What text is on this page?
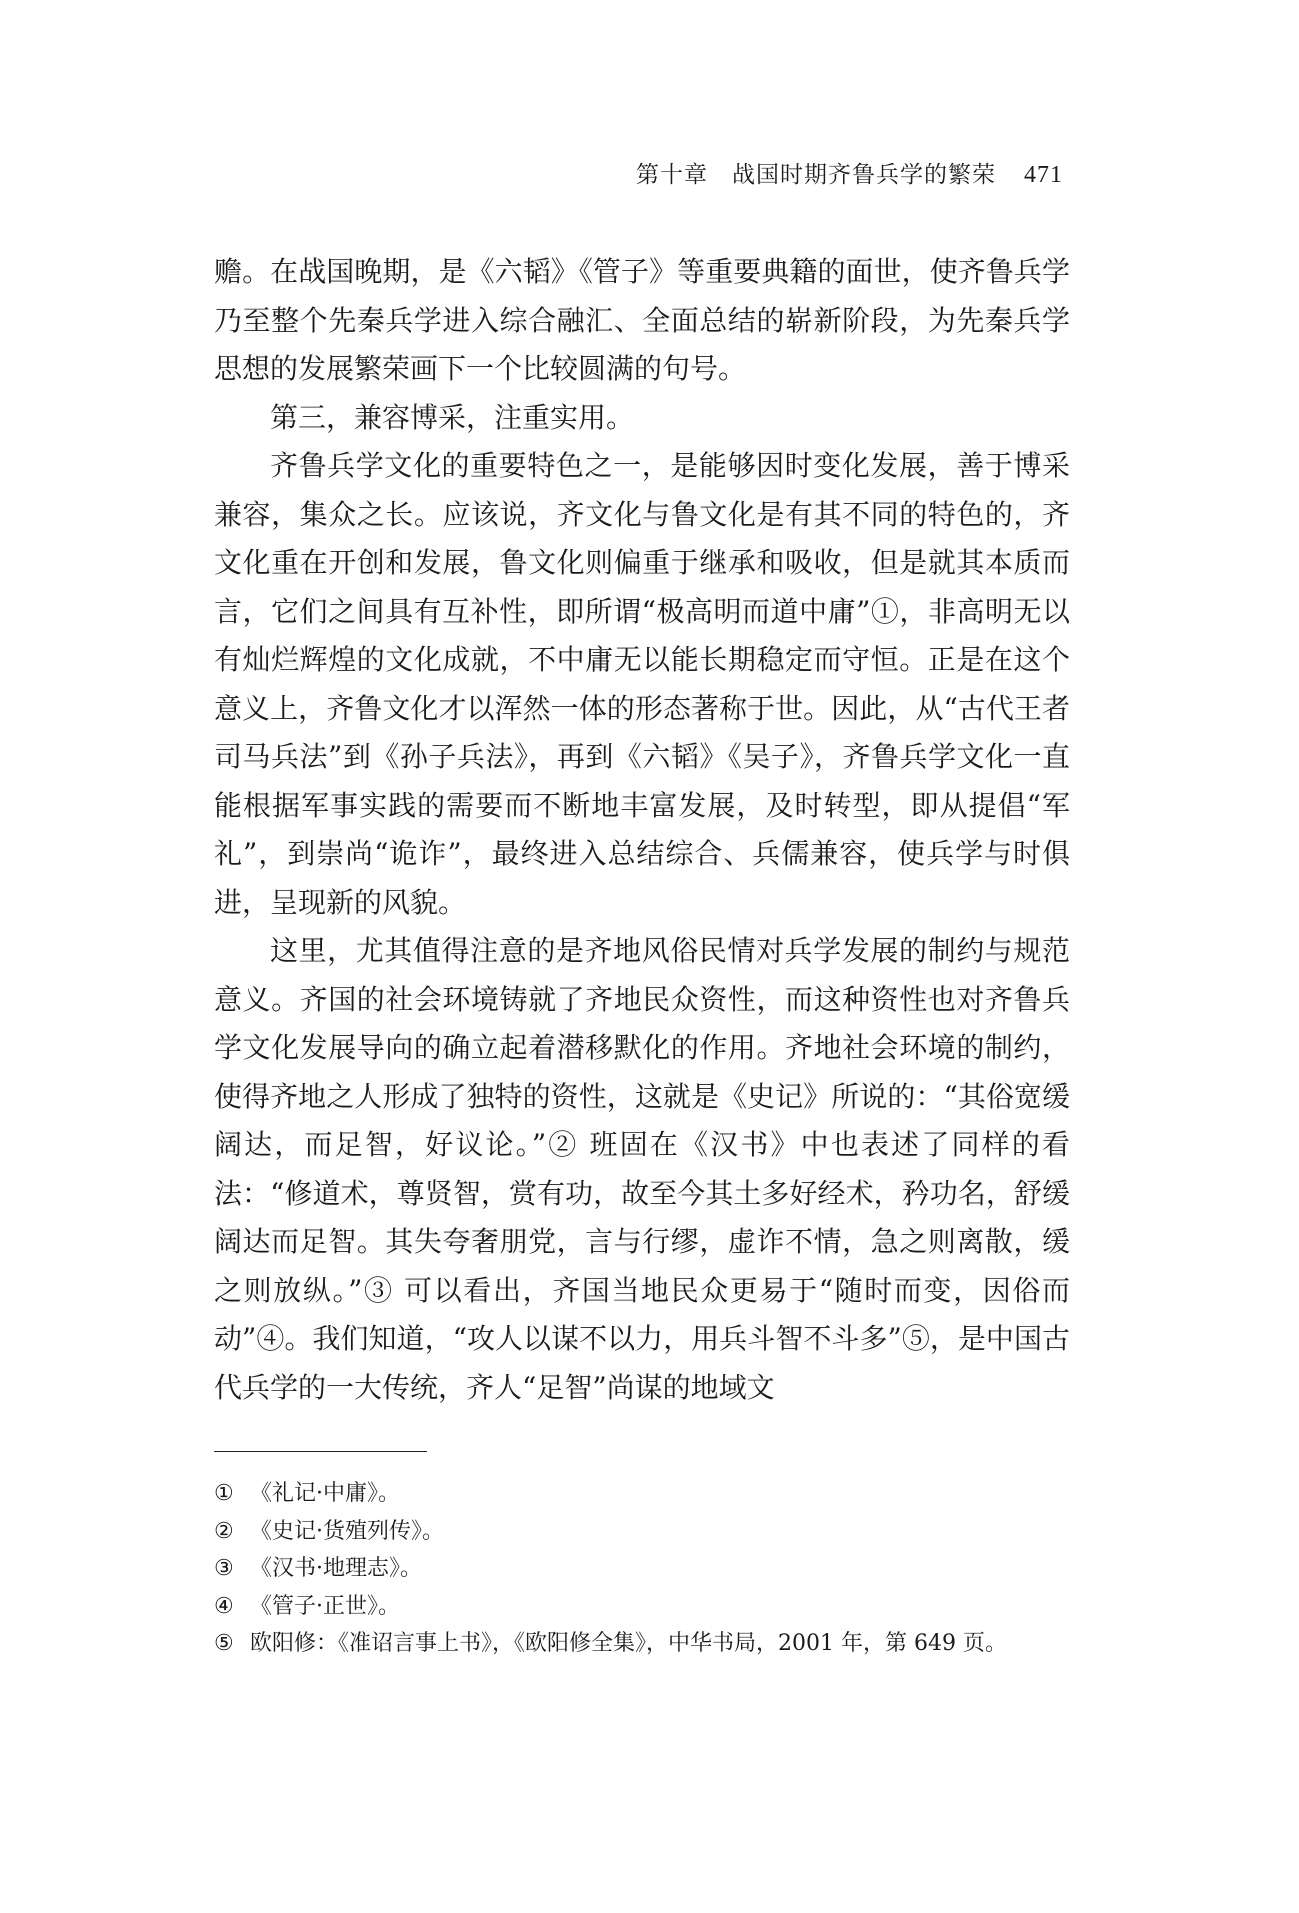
第十章　战国时期齐鲁兵学的繁荣 471

赡。在战国晚期，是《六韬》《管子》等重要典籍的面世，使齐鲁兵学乃至整个先秦兵学进入综合融汇、全面总结的崭新阶段，为先秦兵学思想的发展繁荣画下一个比较圆满的句号。

第三，兼容博采，注重实用。

齐鲁兵学文化的重要特色之一，是能够因时变化发展，善于博采兼容，集众之长。应该说，齐文化与鲁文化是有其不同的特色的，齐文化重在开创和发展，鲁文化则偏重于继承和吸收，但是就其本质而言，它们之间具有互补性，即所谓“极高明而道中庸”①，非高明无以有灿烂辉煌的文化成就，不中庸无以能长期稳定而守恒。正是在这个意义上，齐鲁文化才以浑然一体的形态著称于世。因此，从“古代王者司马兵法”到《孙子兵法》，再到《六韬》《吴子》，齐鲁兵学文化一直能根据军事实践的需要而不断地丰富发展，及时转型，即从提倡“军礼”，到崇尚“诡诈”，最终进入总结综合、兵儒兼容，使兵学与时俱进，呈现新的风貌。

这里，尤其值得注意的是齐地风俗民情对兵学发展的制约与规范意义。齐国的社会环境铸就了齐地民众资性，而这种资性也对齐鲁兵学文化发展导向的确立起着潜移默化的作用。齐地社会环境的制约，使得齐地之人形成了独特的资性，这就是《史记》所说的：“其俗宽缓阔达，而足智，好议论。”② 班固在《汉书》中也表述了同样的看法：“修道术，尊贤智，赏有功，故至今其土多好经术，矜功名，舒缓阔达而足智。其失夸奢朋党，言与行缪，虚诈不情，急之则离散，缓之则放纵。”③ 可以看出，齐国当地民众更易于“随时而变，因俗而动”④。我们知道，“攻人以谋不以力，用兵斗智不斗多”⑤，是中国古代兵学的一大传统，齐人“足智”尚谋的地域文

① 《礼记·中庸》。
② 《史记·货殖列传》。
③ 《汉书·地理志》。
④ 《管子·正世》。
⑤ 欧阳修：《准诏言事上书》，《欧阳修全集》，中华书局，2001 年，第 649 页。
